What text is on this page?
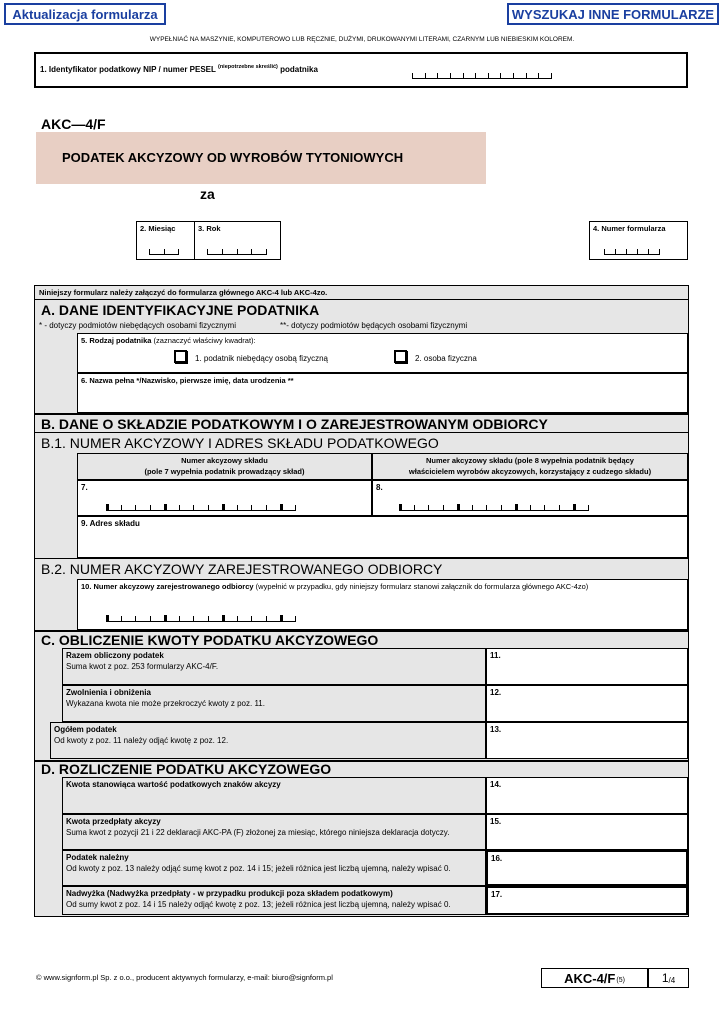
Aktualizacja formularza	WYSZUKAJ INNE FORMULARZE
WYPEŁNIAĆ NA MASZYNIE, KOMPUTEROWO LUB RĘCZNIE, DUŻYMI, DRUKOWANYMI LITERAMI, CZARNYM LUB NIEBIESKIM KOLOREM.
1. Identyfikator podatkowy NIP / numer PESEL $^{(niepotrzebne skreślić)}$ podatnika
AKC—4/F
PODATEK AKCYZOWY OD WYROBÓW TYTONIOWYCH
za
2. Miesiąc	3. Rok	4. Numer formularza
Niniejszy formularz należy załączyć do formularza głównego AKC-4 lub AKC-4zo.
A. DANE IDENTYFIKACYJNE PODATNIKA
* - dotyczy podmiotów niebędących osobami fizycznymi	**- dotyczy podmiotów będących osobami fizycznymi
5. Rodzaj podatnika (zaznaczyć właściwy kwadrat):
1. podatnik niebędący osobą fizyczną	2. osoba fizyczna
6. Nazwa pełna */Nazwisko, pierwsze imię, data urodzenia **
B. DANE O SKŁADZIE PODATKOWYM I O ZAREJESTROWANYM ODBIORCY
B.1. NUMER AKCYZOWY I ADRES SKŁADU PODATKOWEGO
Numer akcyzowy składu
(pole 7 wypełnia podatnik prowadzący skład)
Numer akcyzowy składu (pole 8 wypełnia podatnik będący
właścicielem wyrobów akcyzowych, korzystający z cudzego składu)
7.	8.
9. Adres składu
B.2. NUMER AKCYZOWY ZAREJESTROWANEGO ODBIORCY
10. Numer akcyzowy zarejestrowanego odbiorcy (wypełnić w przypadku, gdy niniejszy formularz stanowi załącznik do formularza głównego AKC-4zo)
C. OBLICZENIE KWOTY PODATKU AKCYZOWEGO
Razem obliczony podatek
Suma kwot z poz. 253 formularzy AKC-4/F.
11.
Zwolnienia i obniżenia
Wykazana kwota nie może przekroczyć kwoty z poz. 11.
12.
Ogółem podatek
Od kwoty z poz. 11 należy odjąć kwotę z poz. 12.
13.
D. ROZLICZENIE PODATKU AKCYZOWEGO
Kwota stanowiąca wartość podatkowych znaków akcyzy	14.
Kwota przedpłaty akcyzy
Suma kwot z pozycji 21 i 22 deklaracji AKC-PA (F) złożonej za miesiąc, którego niniejsza deklaracja dotyczy.
15.
Podatek należny
Od kwoty z poz. 13 należy odjąć sumę kwot z poz. 14 i 15; jeżeli różnica jest liczbą ujemną, należy wpisać 0.
16.
Nadwyżka (Nadwyżka przedpłaty - w przypadku produkcji poza składem podatkowym)
Od sumy kwot z poz. 14 i 15 należy odjąć kwotę z poz. 13; jeżeli różnica jest liczbą ujemną, należy wpisać 0.
17.
© www.signform.pl Sp. z o.o., producent aktywnych formularzy, e-mail: biuro@signform.pl	AKC-4/F (5)	1 /4
